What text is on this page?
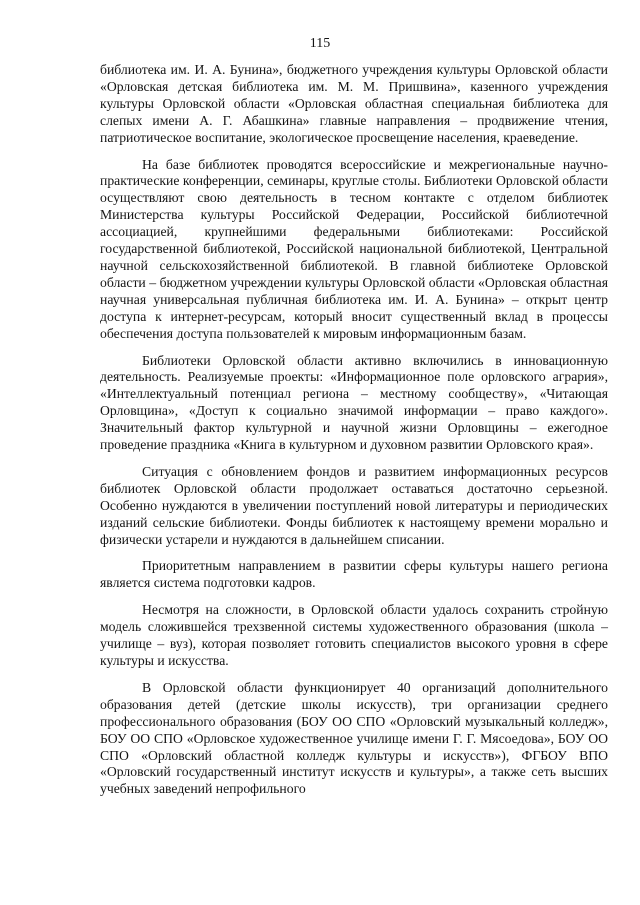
115

библиотека им. И. А. Бунина», бюджетного учреждения культуры Орловской области «Орловская детская библиотека им. М. М. Пришвина», казенного учреждения культуры Орловской области «Орловская областная специальная библиотека для слепых имени А. Г. Абашкина» главные направления – продвижение чтения, патриотическое воспитание, экологическое просвещение населения, краеведение.

На базе библиотек проводятся всероссийские и межрегиональные научно-практические конференции, семинары, круглые столы. Библиотеки Орловской области осуществляют свою деятельность в тесном контакте с отделом библиотек Министерства культуры Российской Федерации, Российской библиотечной ассоциацией, крупнейшими федеральными библиотеками: Российской государственной библиотекой, Российской национальной библиотекой, Центральной научной сельскохозяйственной библиотекой. В главной библиотеке Орловской области – бюджетном учреждении культуры Орловской области «Орловская областная научная универсальная публичная библиотека им. И. А. Бунина» – открыт центр доступа к интернет-ресурсам, который вносит существенный вклад в процессы обеспечения доступа пользователей к мировым информационным базам.

Библиотеки Орловской области активно включились в инновационную деятельность. Реализуемые проекты: «Информационное поле орловского агрария», «Интеллектуальный потенциал региона – местному сообществу», «Читающая Орловщина», «Доступ к социально значимой информации – право каждого». Значительный фактор культурной и научной жизни Орловщины – ежегодное проведение праздника «Книга в культурном и духовном развитии Орловского края».

Ситуация с обновлением фондов и развитием информационных ресурсов библиотек Орловской области продолжает оставаться достаточно серьезной. Особенно нуждаются в увеличении поступлений новой литературы и периодических изданий сельские библиотеки. Фонды библиотек к настоящему времени морально и физически устарели и нуждаются в дальнейшем списании.

Приоритетным направлением в развитии сферы культуры нашего региона является система подготовки кадров.

Несмотря на сложности, в Орловской области удалось сохранить стройную модель сложившейся трехзвенной системы художественного образования (школа – училище – вуз), которая позволяет готовить специалистов высокого уровня в сфере культуры и искусства.

В Орловской области функционирует 40 организаций дополнительного образования детей (детские школы искусств), три организации среднего профессионального образования (БОУ ОО СПО «Орловский музыкальный колледж», БОУ ОО СПО «Орловское художественное училище имени Г. Г. Мясоедова», БОУ ОО СПО «Орловский областной колледж культуры и искусств»), ФГБОУ ВПО «Орловский государственный институт искусств и культуры», а также сеть высших учебных заведений непрофильного
